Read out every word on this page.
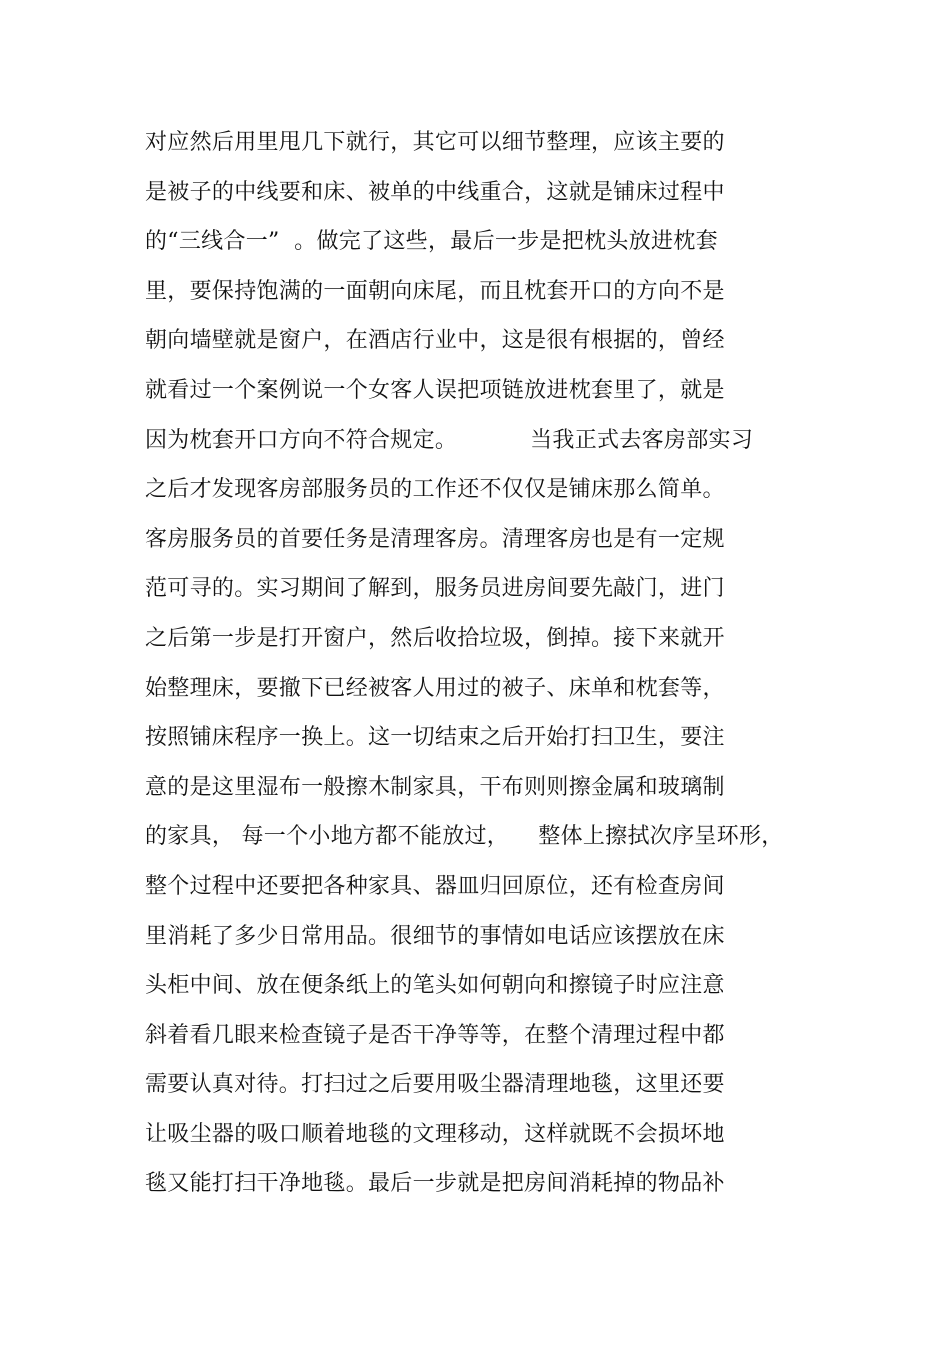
对应然后用里甩几下就行，其它可以细节整理，应该主要的
是被子的中线要和床、被单的中线重合，这就是铺床过程中
的“三线合一”  。做完了这些，最后一步是把枕头放进枕套
里，要保持饱满的一面朝向床尾，而且枕套开口的方向不是
朝向墙壁就是窗户，在酒店行业中，这是很有根据的，曾经
就看过一个案例说一个女客人误把项链放进枕套里了，就是
因为枕套开口方向不符合规定。          当我正式去客房部实习
之后才发现客房部服务员的工作还不仅仅是铺床那么简单。
客房服务员的首要任务是清理客房。清理客房也是有一定规
范可寻的。实习期间了解到，服务员进房间要先敲门，进门
之后第一步是打开窗户，然后收拾垃圾，倒掉。接下来就开
始整理床，要撤下已经被客人用过的被子、床单和枕套等，
按照铺床程序一换上。这一切结束之后开始打扫卫生，要注
意的是这里湿布一般擦木制家具，干布则则擦金属和玻璃制
的家具， 每一个小地方都不能放过，    整体上擦拭次序呈环形，
整个过程中还要把各种家具、器皿归回原位，还有检查房间
里消耗了多少日常用品。很细节的事情如电话应该摆放在床
头柜中间、放在便条纸上的笔头如何朝向和擦镜子时应注意
斜着看几眼来检查镜子是否干净等等，在整个清理过程中都
需要认真对待。打扫过之后要用吸尘器清理地毯，这里还要
让吸尘器的吸口顺着地毯的文理移动，这样就既不会损坏地
毯又能打扫干净地毯。最后一步就是把房间消耗掉的物品补
